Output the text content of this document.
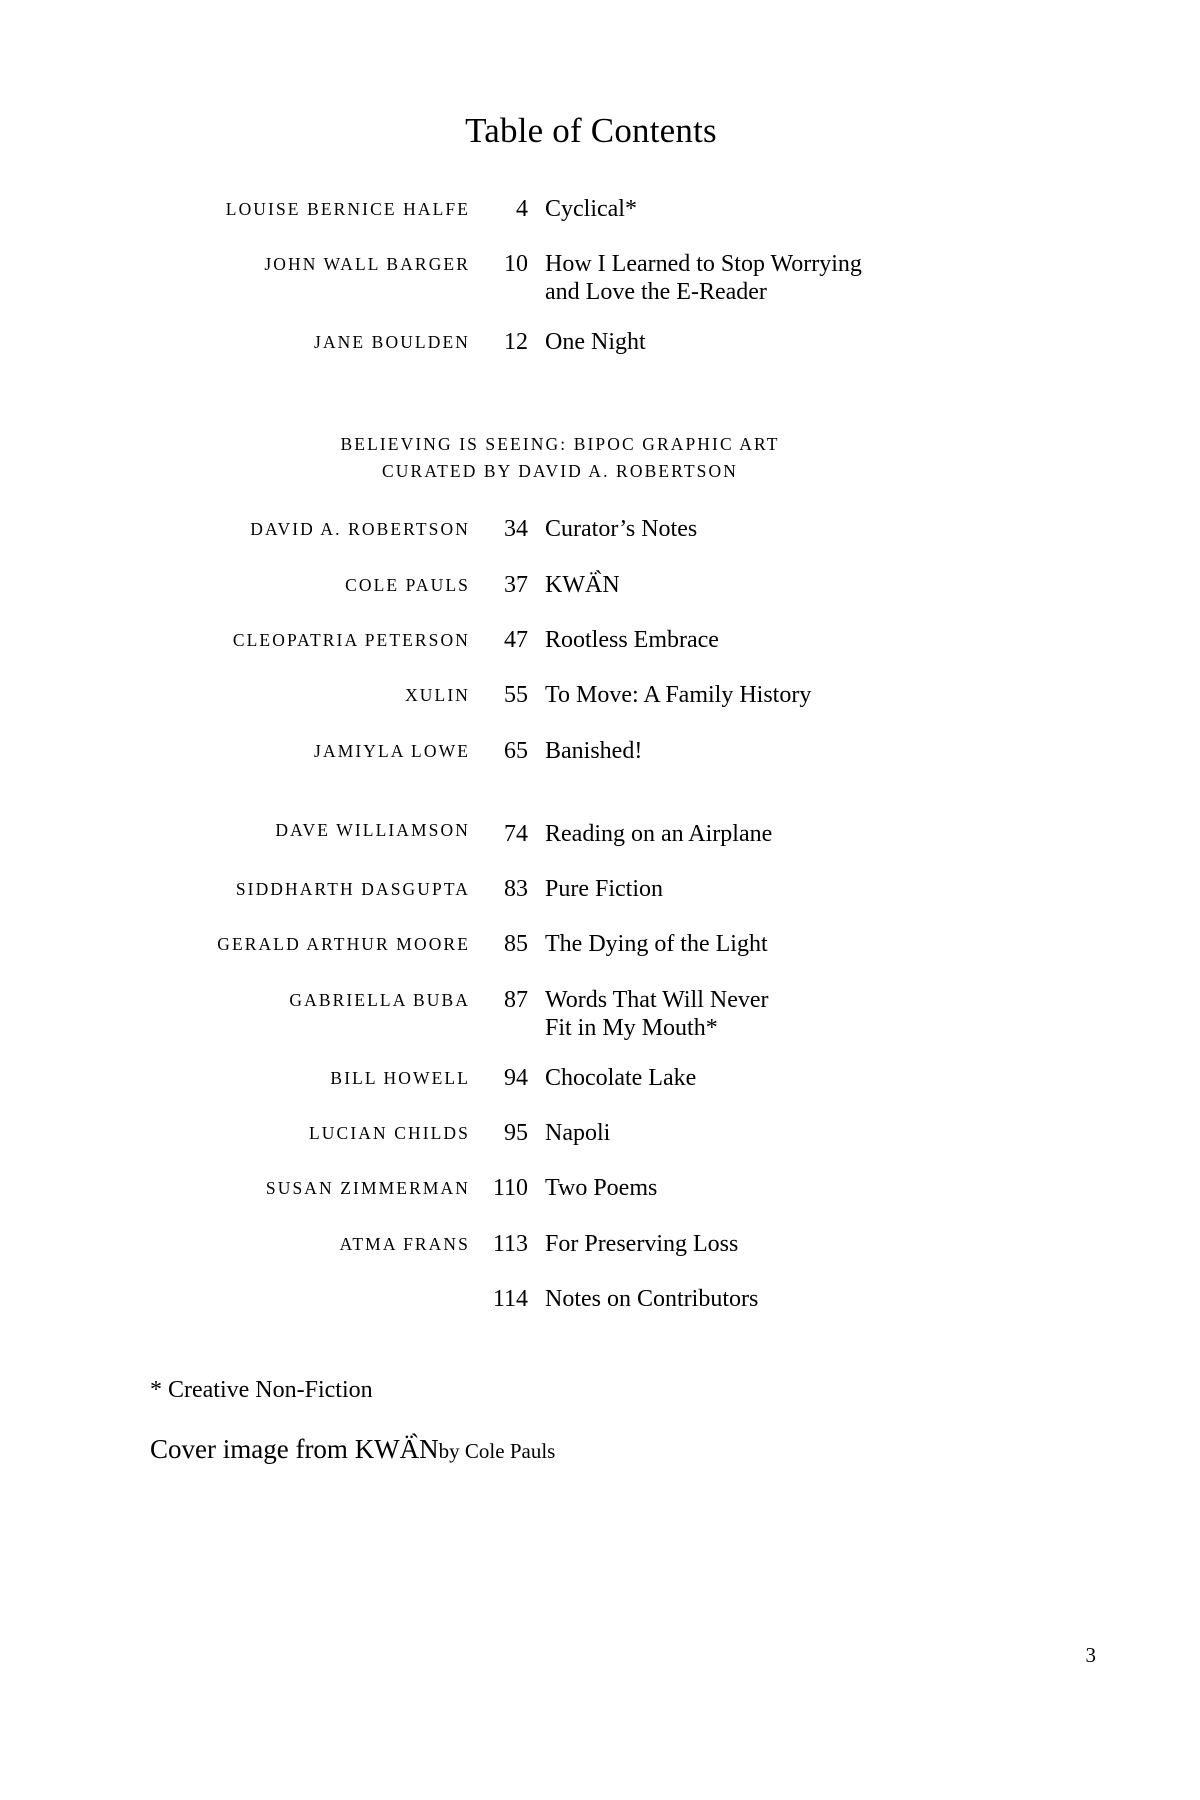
Table of Contents
LOUISE BERNICE HALFE	4	Cyclical*
JOHN WALL BARGER	10	How I Learned to Stop Worrying
and Love the E-Reader

JANE BOULDEN	12	One Night

BELIEVING IS SEEING: BIPOC GRAPHIC ART
CURATED BY DAVID A. ROBERTSON		

DAVID A. ROBERTSON	34	Curator’s Notes
COLE PAULS	37	KWÄ̀N
CLEOPATRIA PETERSON	47	Rootless Embrace
XULIN	55	To Move: A Family History
JAMIYLA LOWE	65	Banished!
DAVE WILLIAMSON	74	Reading on an Airplane
SIDDHARTH DASGUPTA	83	Pure Fiction
GERALD ARTHUR MOORE	85	The Dying of the Light
GABRIELLA BUBA	87	Words That Will Never
Fit in My Mouth*

BILL HOWELL	94	Chocolate Lake
LUCIAN CHILDS	95	Napoli
SUSAN ZIMMERMAN	110	Two Poems
ATMA FRANS	113	For Preserving Loss
	114	Notes on Contributors
* Creative Non-Fiction
Cover image from KWÄ̀Nby Cole Pauls
3
